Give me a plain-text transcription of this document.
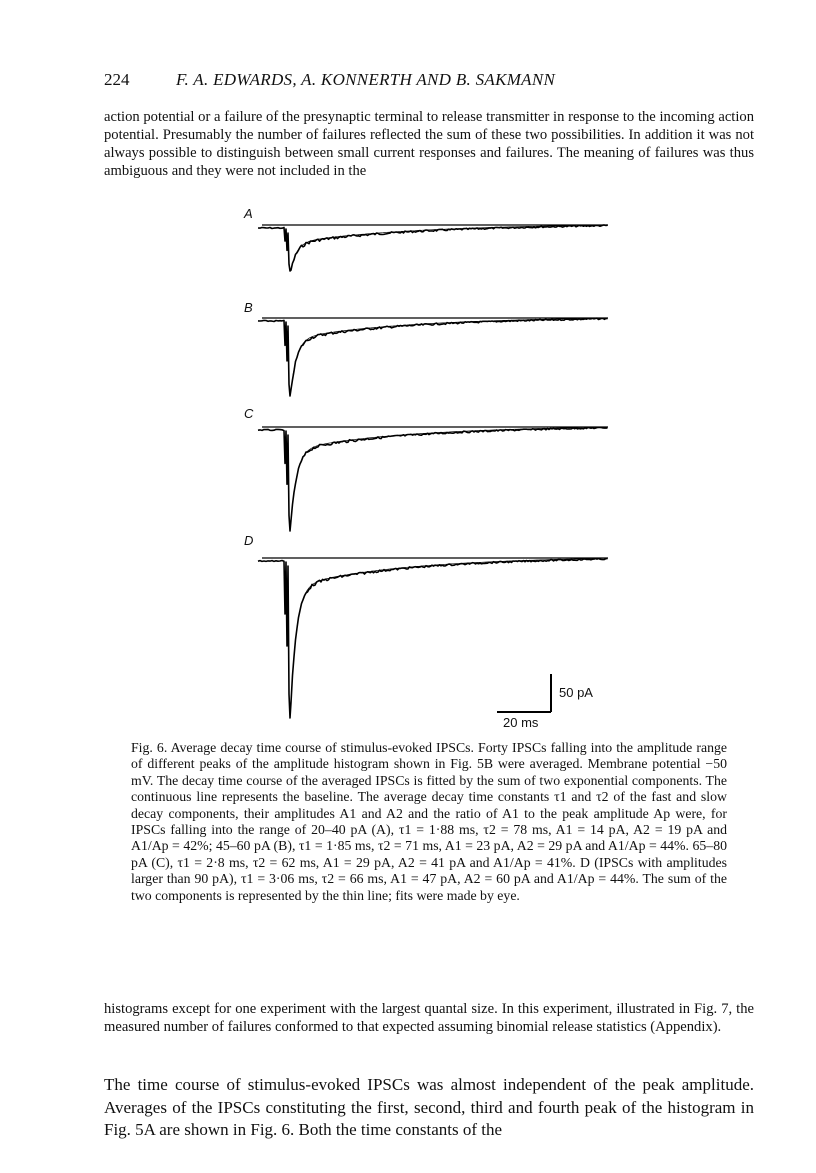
224	F. A. EDWARDS, A. KONNERTH AND B. SAKMANN
action potential or a failure of the presynaptic terminal to release transmitter in response to the incoming action potential. Presumably the number of failures reflected the sum of these two possibilities. In addition it was not always possible to distinguish between small current responses and failures. The meaning of failures was thus ambiguous and they were not included in the
A
B
C
D
50 pA
20 ms
Fig. 6. Average decay time course of stimulus-evoked IPSCs. Forty IPSCs falling into the amplitude range of different peaks of the amplitude histogram shown in Fig. 5B were averaged. Membrane potential −50 mV. The decay time course of the averaged IPSCs is fitted by the sum of two exponential components. The continuous line represents the baseline. The average decay time constants τ1 and τ2 of the fast and slow decay components, their amplitudes A1 and A2 and the ratio of A1 to the peak amplitude Ap were, for IPSCs falling into the range of 20–40 pA (A), τ1 = 1·88 ms, τ2 = 78 ms, A1 = 14 pA, A2 = 19 pA and A1/Ap = 42%; 45–60 pA (B), τ1 = 1·85 ms, τ2 = 71 ms, A1 = 23 pA, A2 = 29 pA and A1/Ap = 44%. 65–80 pA (C), τ1 = 2·8 ms, τ2 = 62 ms, A1 = 29 pA, A2 = 41 pA and A1/Ap = 41%. D (IPSCs with amplitudes larger than 90 pA), τ1 = 3·06 ms, τ2 = 66 ms, A1 = 47 pA, A2 = 60 pA and A1/Ap = 44%. The sum of the two components is represented by the thin line; fits were made by eye.
histograms except for one experiment with the largest quantal size. In this experiment, illustrated in Fig. 7, the measured number of failures conformed to that expected assuming binomial release statistics (Appendix).
The time course of stimulus-evoked IPSCs was almost independent of the peak amplitude. Averages of the IPSCs constituting the first, second, third and fourth peak of the histogram in Fig. 5A are shown in Fig. 6. Both the time constants of the
